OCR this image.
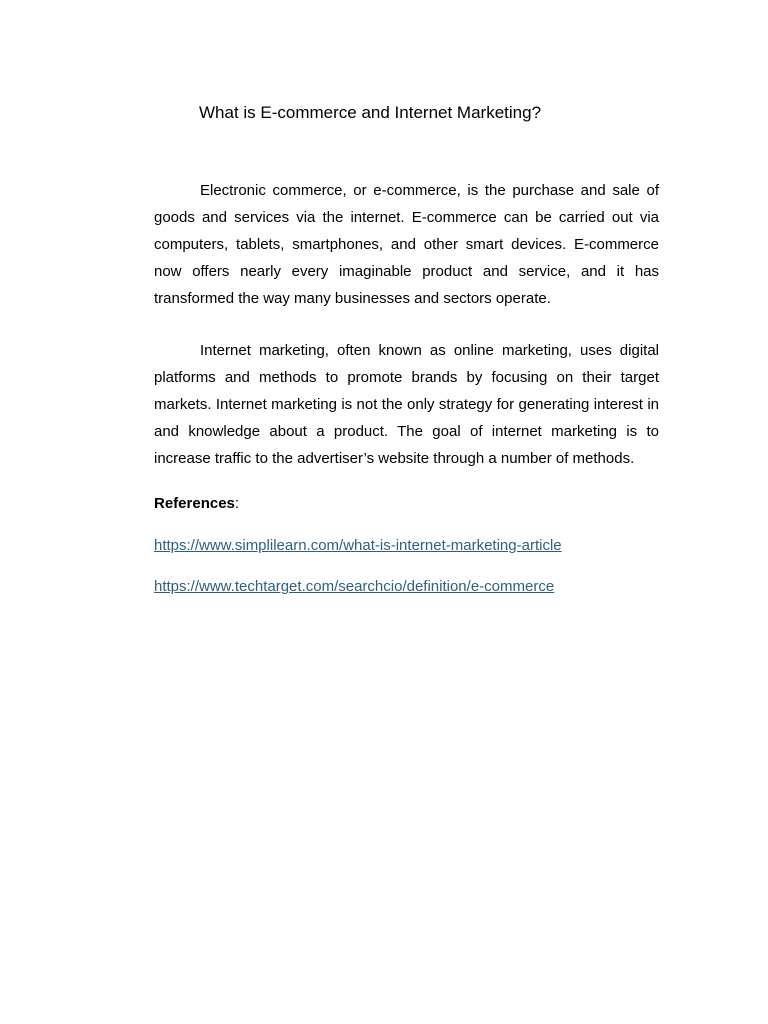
What is E-commerce and Internet Marketing?

Electronic commerce, or e-commerce, is the purchase and sale of goods and services via the internet. E-commerce can be carried out via computers, tablets, smartphones, and other smart devices. E-commerce now offers nearly every imaginable product and service, and it has transformed the way many businesses and sectors operate.

Internet marketing, often known as online marketing, uses digital platforms and methods to promote brands by focusing on their target markets. Internet marketing is not the only strategy for generating interest in and knowledge about a product. The goal of internet marketing is to increase traffic to the advertiser’s website through a number of methods.

References:
https://www.simplilearn.com/what-is-internet-marketing-article
https://www.techtarget.com/searchcio/definition/e-commerce
